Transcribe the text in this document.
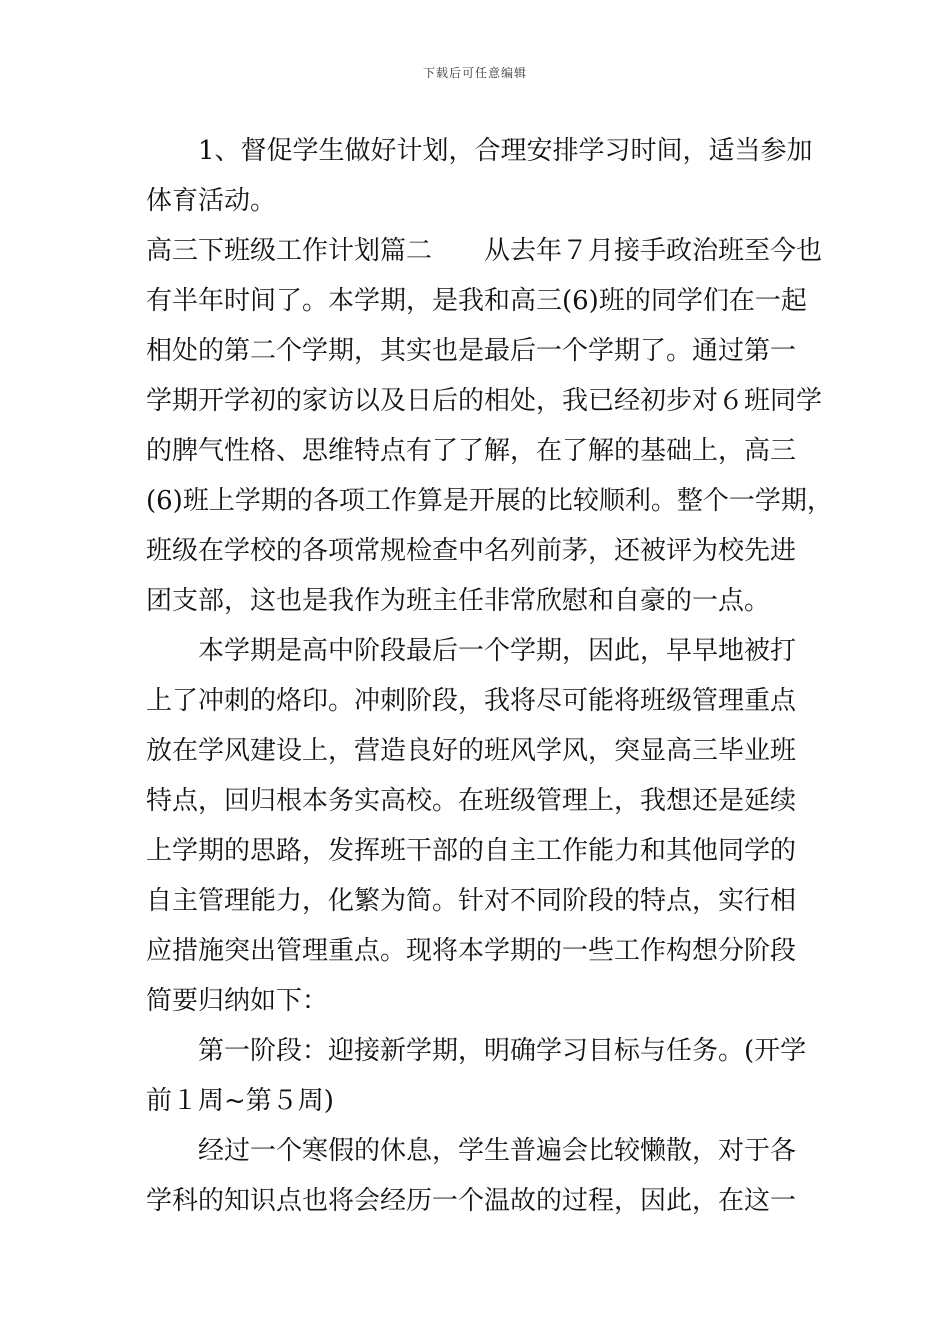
下载后可任意编辑
1、督促学生做好计划，合理安排学习时间，适当参加
体育活动。
高三下班级工作计划篇二　　从去年７月接手政治班至今也
有半年时间了。本学期，是我和高三(6)班的同学们在一起
相处的第二个学期，其实也是最后一个学期了。通过第一
学期开学初的家访以及日后的相处，我已经初步对６班同学
的脾气性格、思维特点有了了解，在了解的基础上，高三
(6)班上学期的各项工作算是开展的比较顺利。整个一学期，
班级在学校的各项常规检查中名列前茅，还被评为校先进
团支部，这也是我作为班主任非常欣慰和自豪的一点。
本学期是高中阶段最后一个学期，因此，早早地被打
上了冲刺的烙印。冲刺阶段，我将尽可能将班级管理重点
放在学风建设上，营造良好的班风学风，突显高三毕业班
特点，回归根本务实高校。在班级管理上，我想还是延续
上学期的思路，发挥班干部的自主工作能力和其他同学的
自主管理能力，化繁为简。针对不同阶段的特点，实行相
应措施突出管理重点。现将本学期的一些工作构想分阶段
简要归纳如下：
第一阶段：迎接新学期，明确学习目标与任务。(开学
前１周~第５周)
经过一个寒假的休息，学生普遍会比较懒散，对于各
学科的知识点也将会经历一个温故的过程，因此，在这一
